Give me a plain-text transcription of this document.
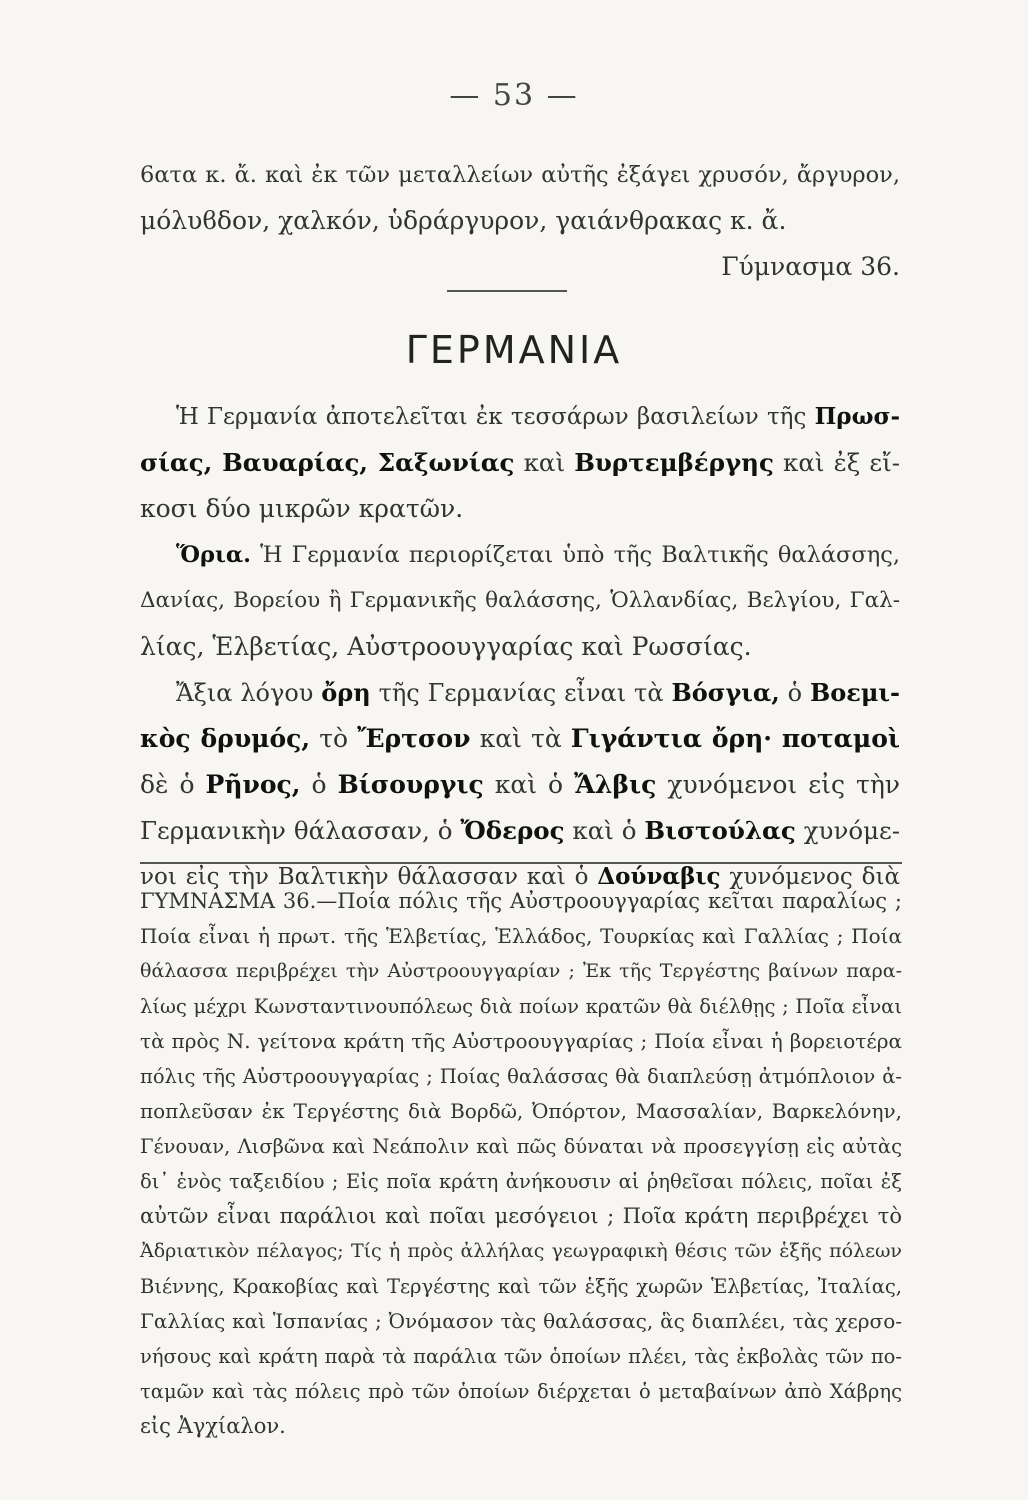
— 53 —
6ατα κ. ἄ. καὶ ἐκ τῶν μεταλλείων αὐτῆς ἐξάγει χρυσόν, ἄργυρον,
μόλυϐδον, χαλκόν, ὑδράργυρον, γαιάνθρακας κ. ἄ.
Γύμνασμα 36.
ΓΕΡΜΑΝΙΑ
Ἡ Γερμανία ἀποτελεῖται ἐκ τεσσάρων βασιλείων τῆς Πρωσ-
σίας, Βαυαρίας, Σαξωνίας καὶ Βυρτεμβέργης καὶ ἐξ εἴ-
κοσι δύο μικρῶν κρατῶν.
Ὅρια. Ἡ Γερμανία περιορίζεται ὑπὸ τῆς Βαλτικῆς θαλάσσης,
Δανίας, Βορείου ἢ Γερμανικῆς θαλάσσης, Ὁλλανδίας, Βελγίου, Γαλ-
λίας, Ἑλβετίας, Αὐστροουγγαρίας καὶ Ρωσσίας.
Ἄξια λόγου ὄρη τῆς Γερμανίας εἶναι τὰ Βόσγια, ὁ Βοεμι-
κὸς δρυμός, τὸ Ἔρτσον καὶ τὰ Γιγάντια ὄρη· ποταμοὶ
δὲ ὁ Ρῆνος, ὁ Βίσουργις καὶ ὁ Ἄλβις χυνόμενοι εἰς τὴν
Γερμανικὴν θάλασσαν, ὁ Ὄδερος καὶ ὁ Βιστούλας χυνόμε-
νοι εἰς τὴν Βαλτικὴν θάλασσαν καὶ ὁ Δούναβις χυνόμενος διὰ
ΓΥΜΝΑΣΜΑ 36.—Ποία πόλις τῆς Αὐστροουγγαρίας κεῖται παραλίως ;
Ποία εἶναι ἡ πρωτ. τῆς Ἑλβετίας, Ἑλλάδος, Τουρκίας καὶ Γαλλίας ; Ποία
θάλασσα περιβρέχει τὴν Αὐστροουγγαρίαν ; Ἐκ τῆς Τεργέστης βαίνων παρα-
λίως μέχρι Κωνσταντινουπόλεως διὰ ποίων κρατῶν θὰ διέλθῃς ; Ποῖα εἶναι
τὰ πρὸς Ν. γείτονα κράτη τῆς Αὐστροουγγαρίας ; Ποία εἶναι ἡ βορειοτέρα
πόλις τῆς Αὐστροουγγαρίας ; Ποίας θαλάσσας θὰ διαπλεύσῃ ἀτμόπλοιον ἀ-
ποπλεῦσαν ἐκ Τεργέστης διὰ Βορδῶ, Ὀπόρτον, Μασσαλίαν, Βαρκελόνην,
Γένουαν, Λισβῶνα καὶ Νεάπολιν καὶ πῶς δύναται νὰ προσεγγίσῃ εἰς αὐτὰς
δι᾽ ἑνὸς ταξειδίου ; Εἰς ποῖα κράτη ἀνήκουσιν αἱ ῥηθεῖσαι πόλεις, ποῖαι ἐξ
αὐτῶν εἶναι παράλιοι καὶ ποῖαι μεσόγειοι ; Ποῖα κράτη περιβρέχει τὸ
Ἀδριατικὸν πέλαγος; Τίς ἡ πρὸς ἀλλήλας γεωγραφικὴ θέσις τῶν ἑξῆς πόλεων
Βιέννης, Κρακοβίας καὶ Τεργέστης καὶ τῶν ἑξῆς χωρῶν Ἑλβετίας, Ἰταλίας,
Γαλλίας καὶ Ἱσπανίας ; Ὀνόμασον τὰς θαλάσσας, ἃς διαπλέει, τὰς χερσο-
νήσους καὶ κράτη παρὰ τὰ παράλια τῶν ὁποίων πλέει, τὰς ἐκβολὰς τῶν πο-
ταμῶν καὶ τὰς πόλεις πρὸ τῶν ὁποίων διέρχεται ὁ μεταβαίνων ἀπὸ Χάβρης
εἰς Ἀγχίαλον.
